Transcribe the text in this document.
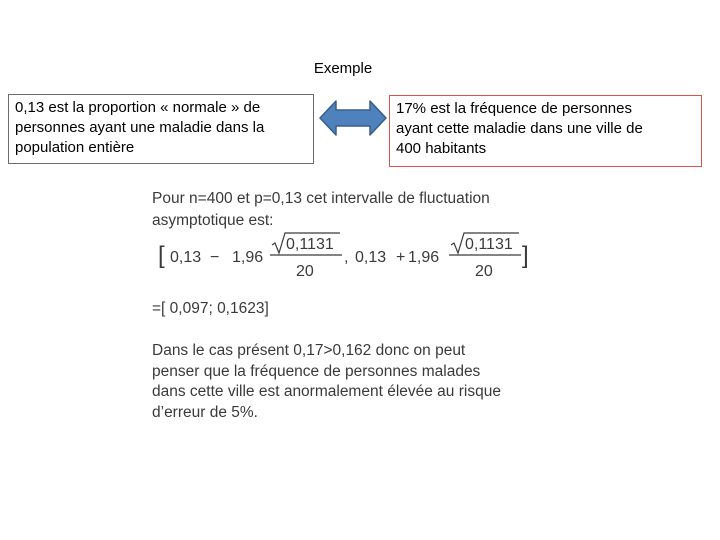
Exemple
0,13 est la proportion « normale » de
personnes ayant une maladie dans la
population entière
17% est la fréquence de personnes
ayant cette maladie dans une ville de
400 habitants
Pour n=400 et p=0,13 cet intervalle de fluctuation
asymptotique est:
[ 0,13 − 1,96
0,1131
20
, 0,13 + 1,96
0,1131
20
]
=[ 0,097; 0,1623]
Dans le cas présent 0,17>0,162 donc on peut
penser que la fréquence de personnes malades
dans cette ville est anormalement élevée au risque
d’erreur de 5%.
